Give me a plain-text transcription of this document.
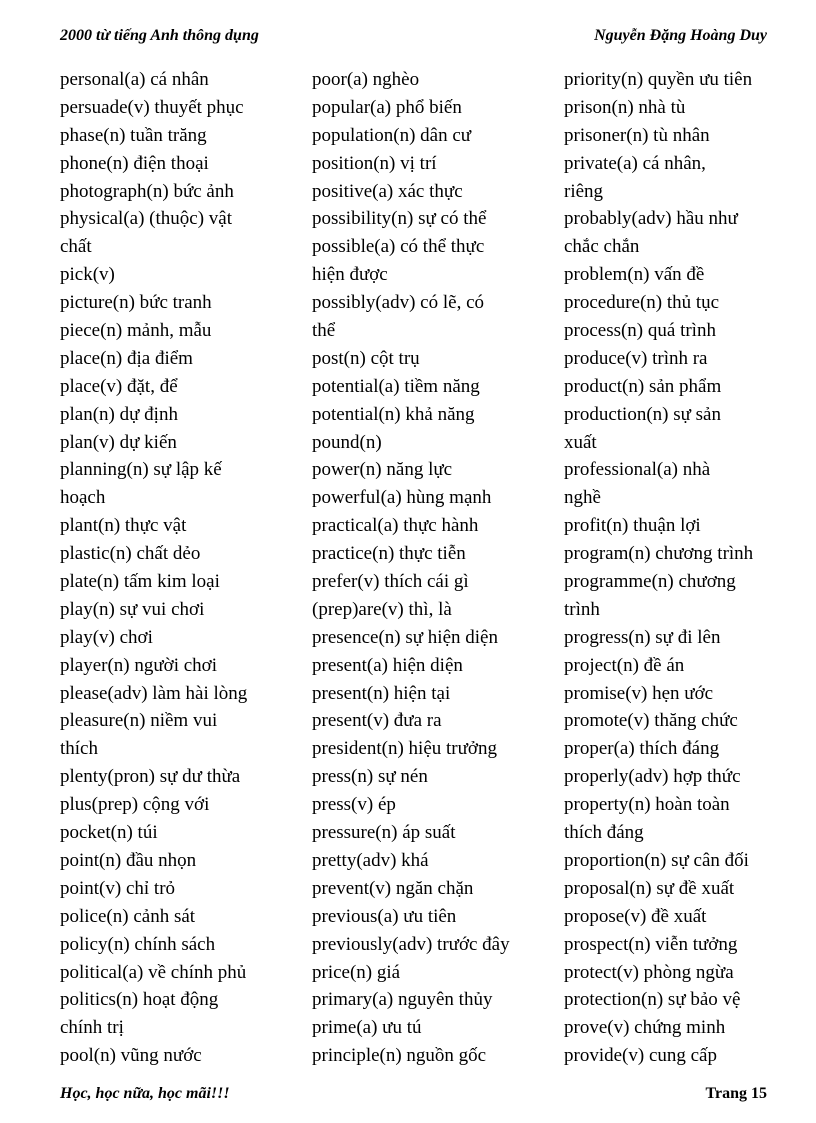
2000 từ tiếng Anh thông dụng	Nguyễn Đặng Hoàng Duy
personal(a) cá nhân
persuade(v) thuyết phục
phase(n) tuần trăng
phone(n) điện thoại
photograph(n) bức ảnh
physical(a) (thuộc) vật
chất
pick(v)
picture(n) bức tranh
piece(n) mảnh, mẫu
place(n) địa điểm
place(v) đặt, để
plan(n) dự định
plan(v) dự kiến
planning(n) sự lập kế
hoạch
plant(n) thực vật
plastic(n) chất dẻo
plate(n) tấm kim loại
play(n) sự vui chơi
play(v) chơi
player(n) người chơi
please(adv) làm hài lòng
pleasure(n) niềm vui
thích
plenty(pron) sự dư thừa
plus(prep) cộng với
pocket(n) túi
point(n) đầu nhọn
point(v) chỉ trỏ
police(n) cảnh sát
policy(n) chính sách
political(a) về chính phủ
politics(n) hoạt động
chính trị
pool(n) vũng nước
poor(a) nghèo
popular(a) phổ biến
population(n) dân cư
position(n) vị trí
positive(a) xác thực
possibility(n) sự có thể
possible(a) có thể thực
hiện được
possibly(adv) có lẽ, có
thể
post(n) cột trụ
potential(a) tiềm năng
potential(n) khả năng
pound(n)
power(n) năng lực
powerful(a) hùng mạnh
practical(a) thực hành
practice(n) thực tiễn
prefer(v) thích cái gì
(prep)are(v) thì, là
presence(n) sự hiện diện
present(a) hiện diện
present(n) hiện tại
present(v) đưa ra
president(n) hiệu trưởng
press(n) sự nén
press(v) ép
pressure(n) áp suất
pretty(adv) khá
prevent(v) ngăn chặn
previous(a) ưu tiên
previously(adv) trước đây
price(n) giá
primary(a) nguyên thủy
prime(a) ưu tú
principle(n) nguồn gốc
priority(n) quyền ưu tiên
prison(n) nhà tù
prisoner(n) tù nhân
private(a) cá nhân,
riêng
probably(adv) hầu như
chắc chắn
problem(n) vấn đề
procedure(n) thủ tục
process(n) quá trình
produce(v) trình ra
product(n) sản phẩm
production(n) sự sản
xuất
professional(a) nhà
nghề
profit(n) thuận lợi
program(n) chương trình
programme(n) chương
trình
progress(n) sự đi lên
project(n) đề án
promise(v) hẹn ước
promote(v) thăng chức
proper(a) thích đáng
properly(adv) hợp thức
property(n) hoàn toàn
thích đáng
proportion(n) sự cân đối
proposal(n) sự đề xuất
propose(v) đề xuất
prospect(n) viễn tưởng
protect(v) phòng ngừa
protection(n) sự bảo vệ
prove(v) chứng minh
provide(v) cung cấp
Học, học nữa, học mãi!!!	Trang 15
